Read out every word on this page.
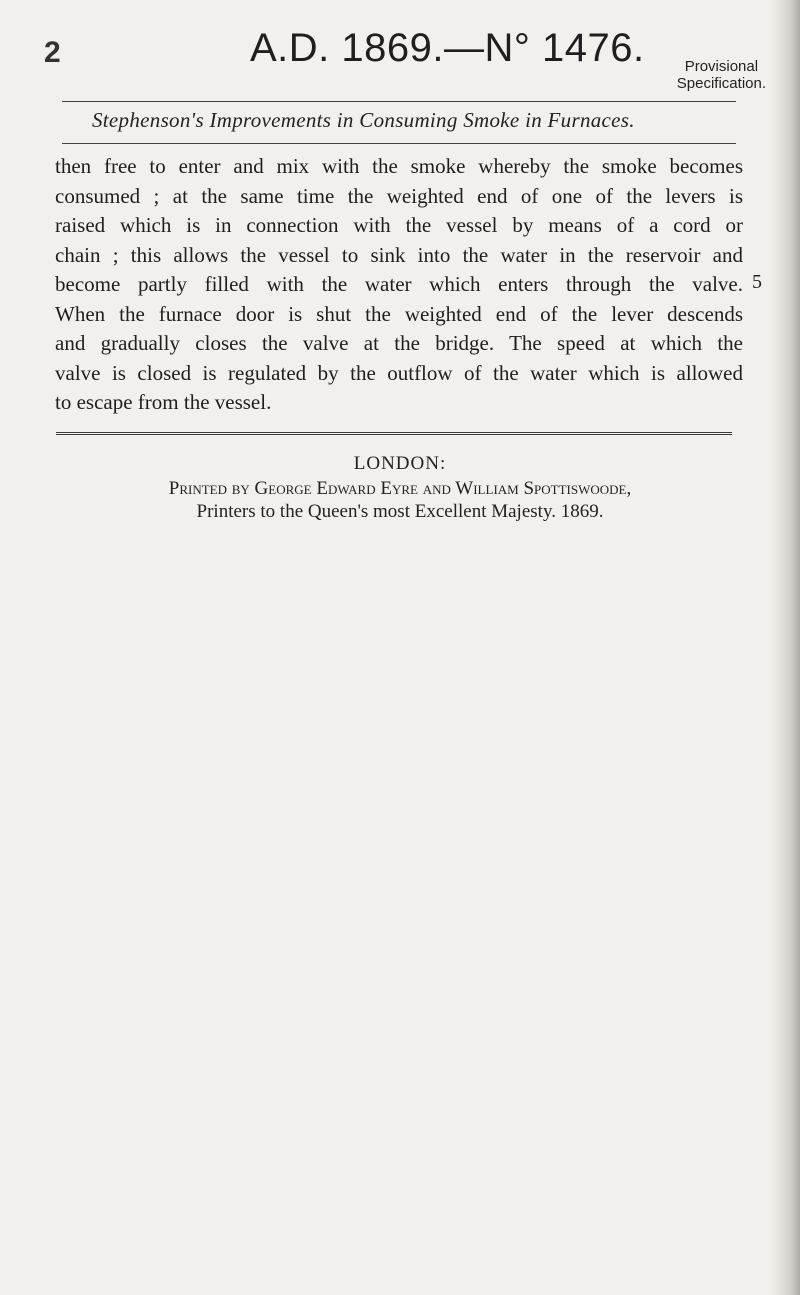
2	A.D. 1869.—N° 1476.	Provisional
Specification.
Stephenson's Improvements in Consuming Smoke in Furnaces.
then free to enter and mix with the smoke whereby the smoke becomes
consumed ; at the same time the weighted end of one of the levers is
raised which is in connection with the vessel by means of a cord or
chain ; this allows the vessel to sink into the water in the reservoir and
become partly filled with the water which enters through the valve.
When the furnace door is shut the weighted end of the lever descends
and gradually closes the valve at the bridge. The speed at which the
valve is closed is regulated by the outflow of the water which is allowed
to escape from the vessel.
5
LONDON:
Printed by George Edward Eyre and William Spottiswoode,
Printers to the Queen's most Excellent Majesty. 1869.
